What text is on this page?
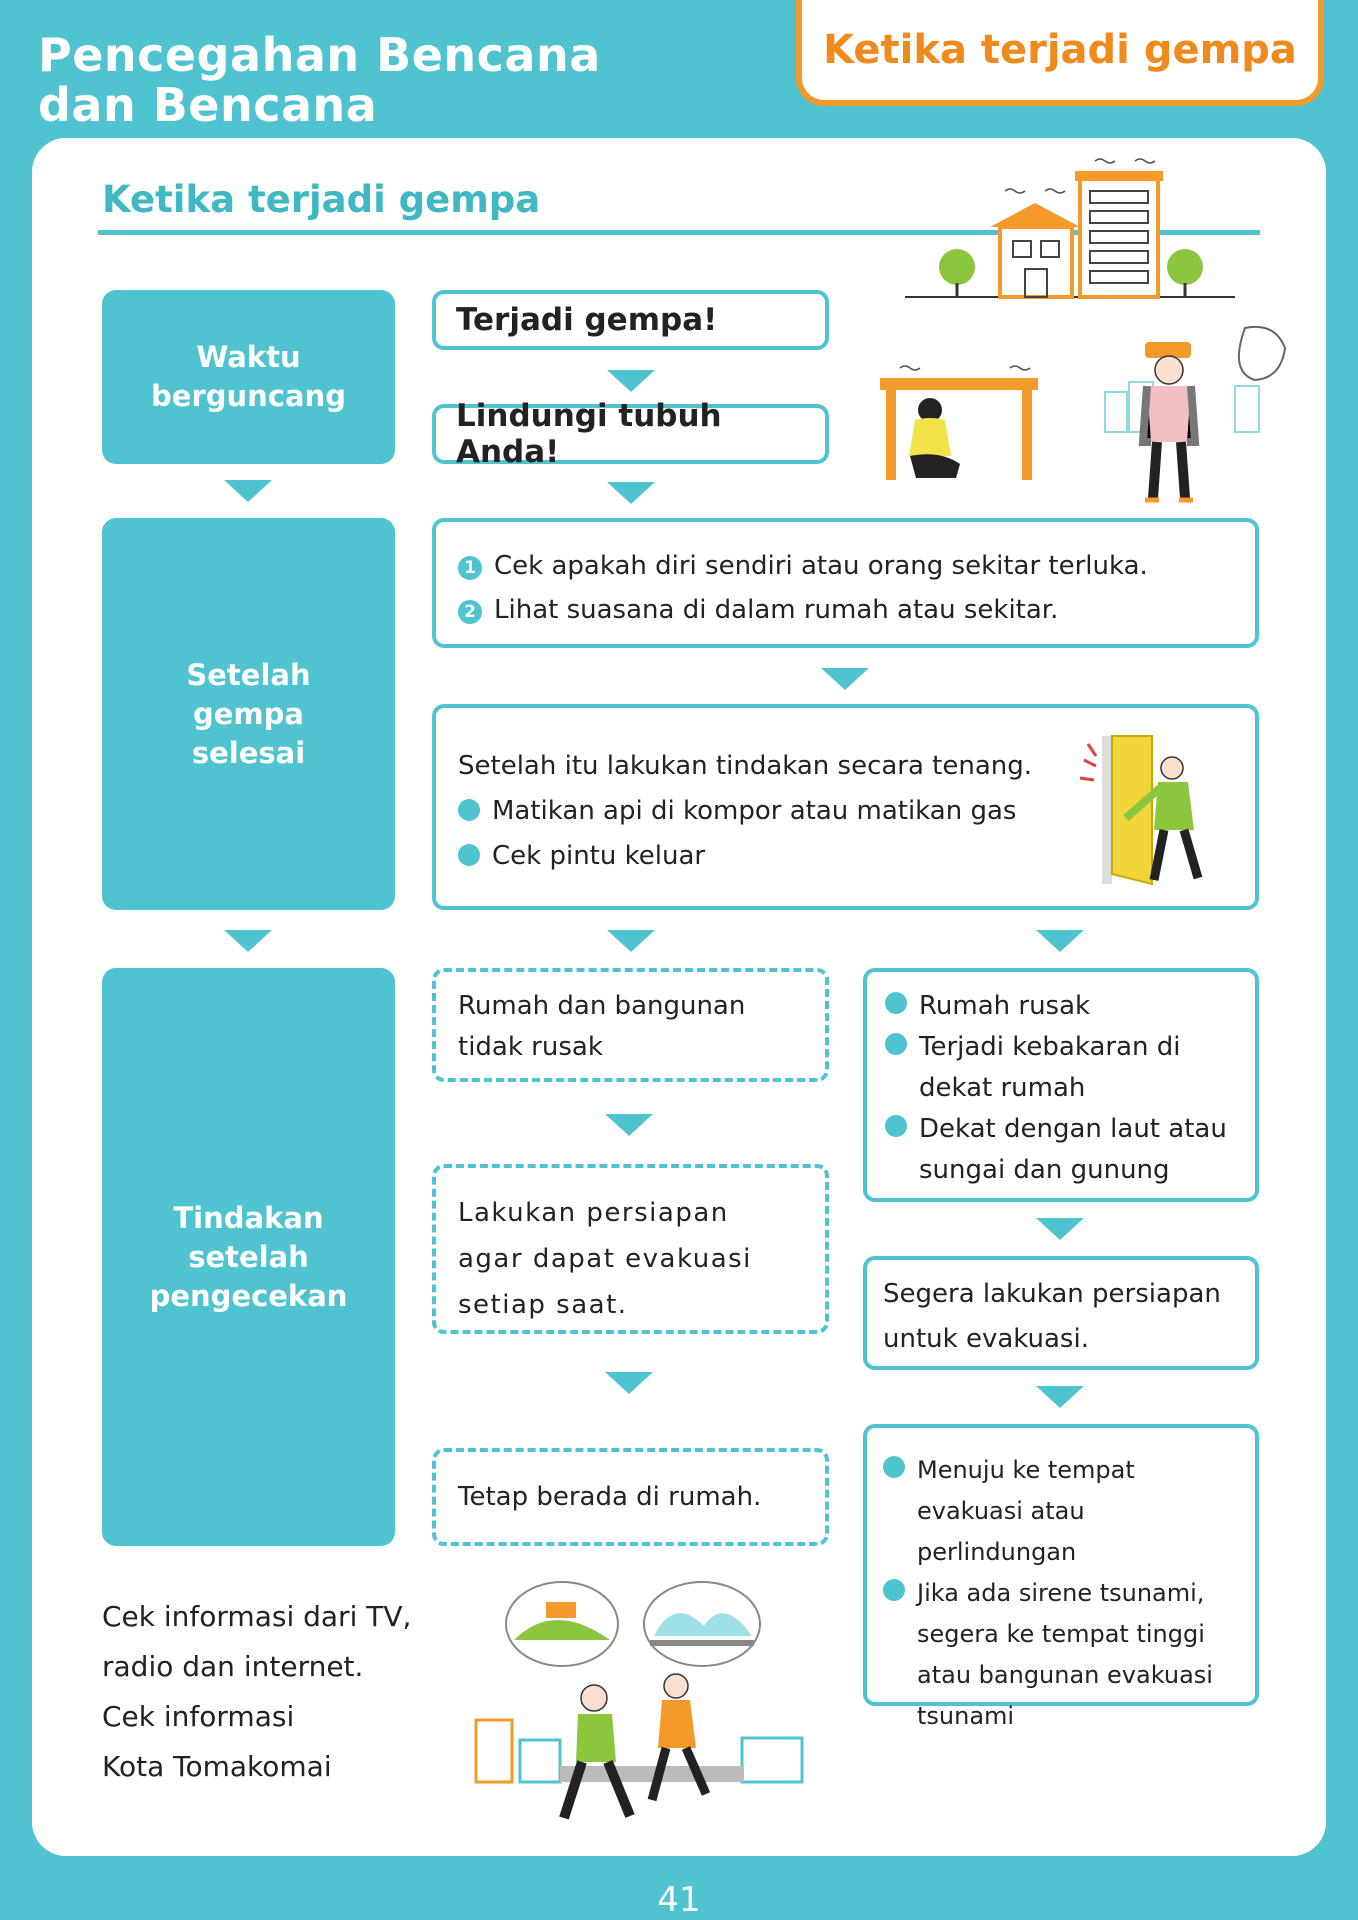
Pencegahan Bencana
dan Bencana
Ketika terjadi gempa
Ketika terjadi gempa
Waktu berguncang
Setelah gempa selesai
Tindakan setelah pengecekan
Terjadi gempa!
Lindungi tubuh Anda!
1 Cek apakah diri sendiri atau orang sekitar terluka.
2 Lihat suasana di dalam rumah atau sekitar.
Setelah itu lakukan tindakan secara tenang.
Matikan api di kompor atau matikan gas
Cek pintu keluar
Rumah dan bangunan tidak rusak
Lakukan persiapan agar dapat evakuasi setiap saat.
Tetap berada di rumah.
Rumah rusak
Terjadi kebakaran di dekat rumah
Dekat dengan laut atau sungai dan gunung
Segera lakukan persiapan untuk evakuasi.
Menuju ke tempat evakuasi atau perlindungan
Jika ada sirene tsunami, segera ke tempat tinggi atau bangunan evakuasi tsunami
Cek informasi dari TV,
radio dan internet.
Cek informasi
Kota Tomakomai
41
